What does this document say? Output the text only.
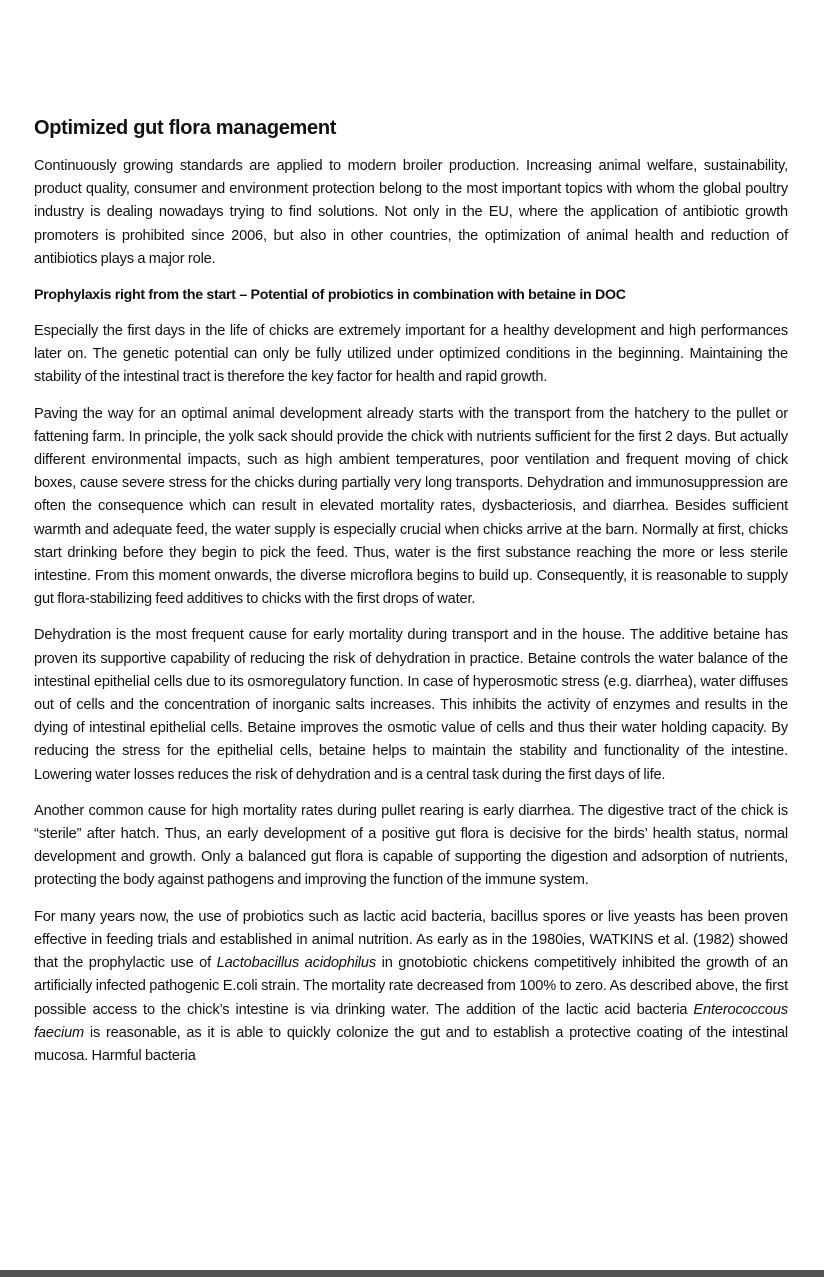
Optimized gut flora management

Continuously growing standards are applied to modern broiler production. Increasing animal welfare, sustainability, product quality, consumer and environment protection belong to the most important topics with whom the global poultry industry is dealing nowadays trying to find solutions. Not only in the EU, where the application of antibiotic growth promoters is prohibited since 2006, but also in other countries, the optimization of animal health and reduction of antibiotics plays a major role.

Prophylaxis right from the start – Potential of probiotics in combination with betaine in DOC

Especially the first days in the life of chicks are extremely important for a healthy development and high performances later on. The genetic potential can only be fully utilized under optimized conditions in the beginning. Maintaining the stability of the intestinal tract is therefore the key factor for health and rapid growth.

Paving the way for an optimal animal development already starts with the transport from the hatchery to the pullet or fattening farm. In principle, the yolk sack should provide the chick with nutrients sufficient for the first 2 days. But actually different environmental impacts, such as high ambient temperatures, poor ventilation and frequent moving of chick boxes, cause severe stress for the chicks during partially very long transports. Dehydration and immunosuppression are often the consequence which can result in elevated mortality rates, dysbacteriosis, and diarrhea. Besides sufficient warmth and adequate feed, the water supply is especially crucial when chicks arrive at the barn. Normally at first, chicks start drinking before they begin to pick the feed. Thus, water is the first substance reaching the more or less sterile intestine. From this moment onwards, the diverse microflora begins to build up. Consequently, it is reasonable to supply gut flora-stabilizing feed additives to chicks with the first drops of water.

Dehydration is the most frequent cause for early mortality during transport and in the house. The additive betaine has proven its supportive capability of reducing the risk of dehydration in practice. Betaine controls the water balance of the intestinal epithelial cells due to its osmoregulatory function. In case of hyperosmotic stress (e.g. diarrhea), water diffuses out of cells and the concentration of inorganic salts increases. This inhibits the activity of enzymes and results in the dying of intestinal epithelial cells. Betaine improves the osmotic value of cells and thus their water holding capacity. By reducing the stress for the epithelial cells, betaine helps to maintain the stability and functionality of the intestine. Lowering water losses reduces the risk of dehydration and is a central task during the first days of life.

Another common cause for high mortality rates during pullet rearing is early diarrhea. The digestive tract of the chick is “sterile” after hatch. Thus, an early development of a positive gut flora is decisive for the birds’ health status, normal development and growth. Only a balanced gut flora is capable of supporting the digestion and adsorption of nutrients, protecting the body against pathogens and improving the function of the immune system.

For many years now, the use of probiotics such as lactic acid bacteria, bacillus spores or live yeasts has been proven effective in feeding trials and established in animal nutrition. As early as in the 1980ies, WATKINS et al. (1982) showed that the prophylactic use of Lactobacillus acidophilus in gnotobiotic chickens competitively inhibited the growth of an artificially infected pathogenic E.coli strain. The mortality rate decreased from 100% to zero. As described above, the first possible access to the chick’s intestine is via drinking water. The addition of the lactic acid bacteria Enterococcous faecium is reasonable, as it is able to quickly colonize the gut and to establish a protective coating of the intestinal mucosa. Harmful bacteria
